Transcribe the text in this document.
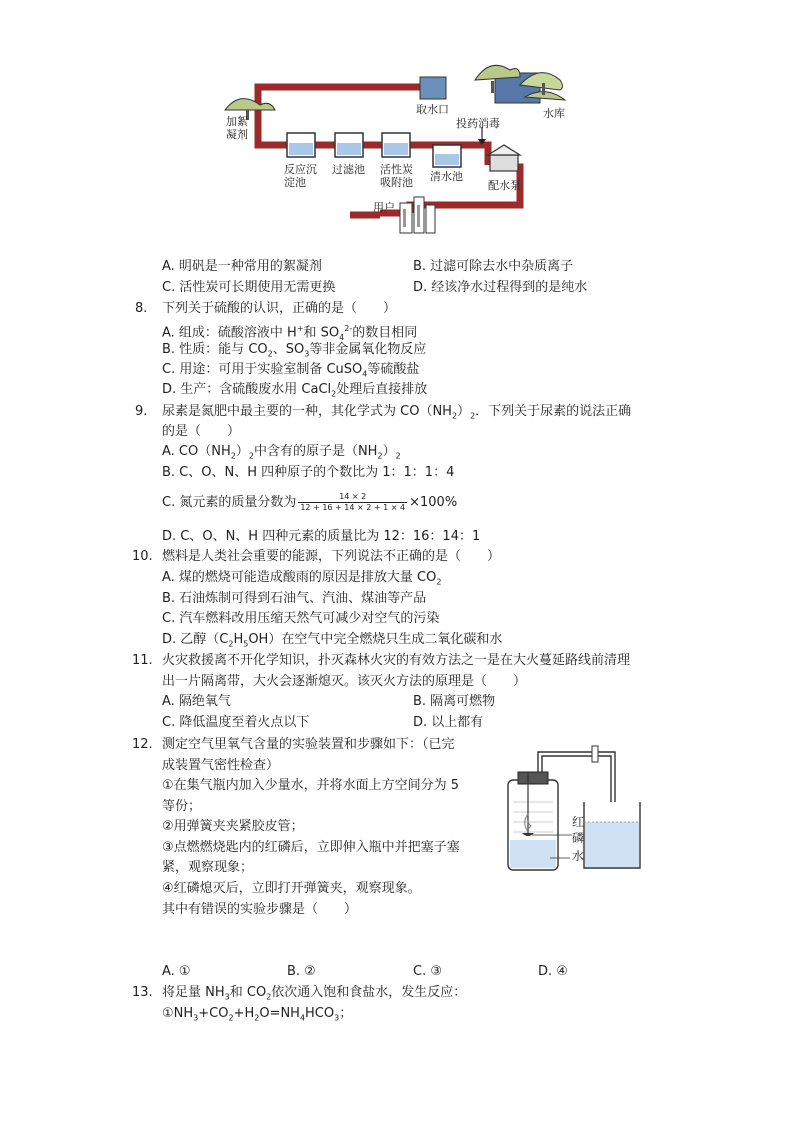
取水口	水库
加絮
凝剂
投药消毒
反应沉
淀池
过滤池 活性炭
吸附池 清水池
配水泵
用户
A. 明矾是一种常用的絮凝剂	B. 过滤可除去水中杂质离子
C. 活性炭可长期使用无需更换	D. 经该净水过程得到的是纯水
8. 下列关于硫酸的认识，正确的是（　　）
A. 组成：硫酸溶液中 H+和 $SO_4^{2-}$的数目相同
B. 性质：能与 $CO_2$、$SO_3$等非金属氧化物反应
C. 用途：可用于实验室制备 CuSO$_4$等硫酸盐
D. 生产：含硫酸废水用 CaCl$_2$处理后直接排放
9. 尿素是氮肥中最主要的一种，其化学式为 $CO(NH_2)_2$．下列关于尿素的说法正确
的是（　　）
A. $CO(NH_2)_2$中含有的原子是$(NH_2)_2$
B. C、O、N、H 四种原子的个数比为 1：1：1：4
C. 氮元素的质量分数为 $\frac{14 \times 2}{12 + 16 + 14 \times 2 + 1 \times 4} \times 100\%$
D. C、O、N、H 四种元素的质量比为 12：16：14：1
10. 燃料是人类社会重要的能源，下列说法不正确的是（　　）
A. 煤的燃烧可能造成酸雨的原因是排放大量 $CO_2$
B. 石油炼制可得到石油气、汽油、煤油等产品
C. 汽车燃料改用压缩天然气可减少对空气的污染
D. 乙醇$(C_2H_5OH)$在空气中完全燃烧只生成二氧化碳和水
11. 火灾救援离不开化学知识，扑灭森林火灾的有效方法之一是在大火蔓延路线前清理
出一片隔离带，大火会逐渐熄灭。该灭火方法的原理是（　　）
A. 隔绝氧气	B. 隔离可燃物
C. 降低温度至着火点以下	D. 以上都有
12. 测定空气里氧气含量的实验装置和步骤如下：（已完
成装置气密性检查）
①在集气瓶内加入少量水，并将水面上方空间分为 5
等份；
②用弹簧夹夹紧胶皮管；
③点燃燃烧匙内的红磷后，立即伸入瓶中并把塞子塞
紧，观察现象；
④红磷熄灭后，立即打开弹簧夹，观察现象。
其中有错误的实验步骤是（　　）
A. ①	B. ②	C. ③	D. ④
红
磷
水
13. 将足量 $NH_3$和 $CO_2$依次通入饱和食盐水，发生反应：
$①NH_3+CO_2+H_2O=NH_4HCO_3$；
